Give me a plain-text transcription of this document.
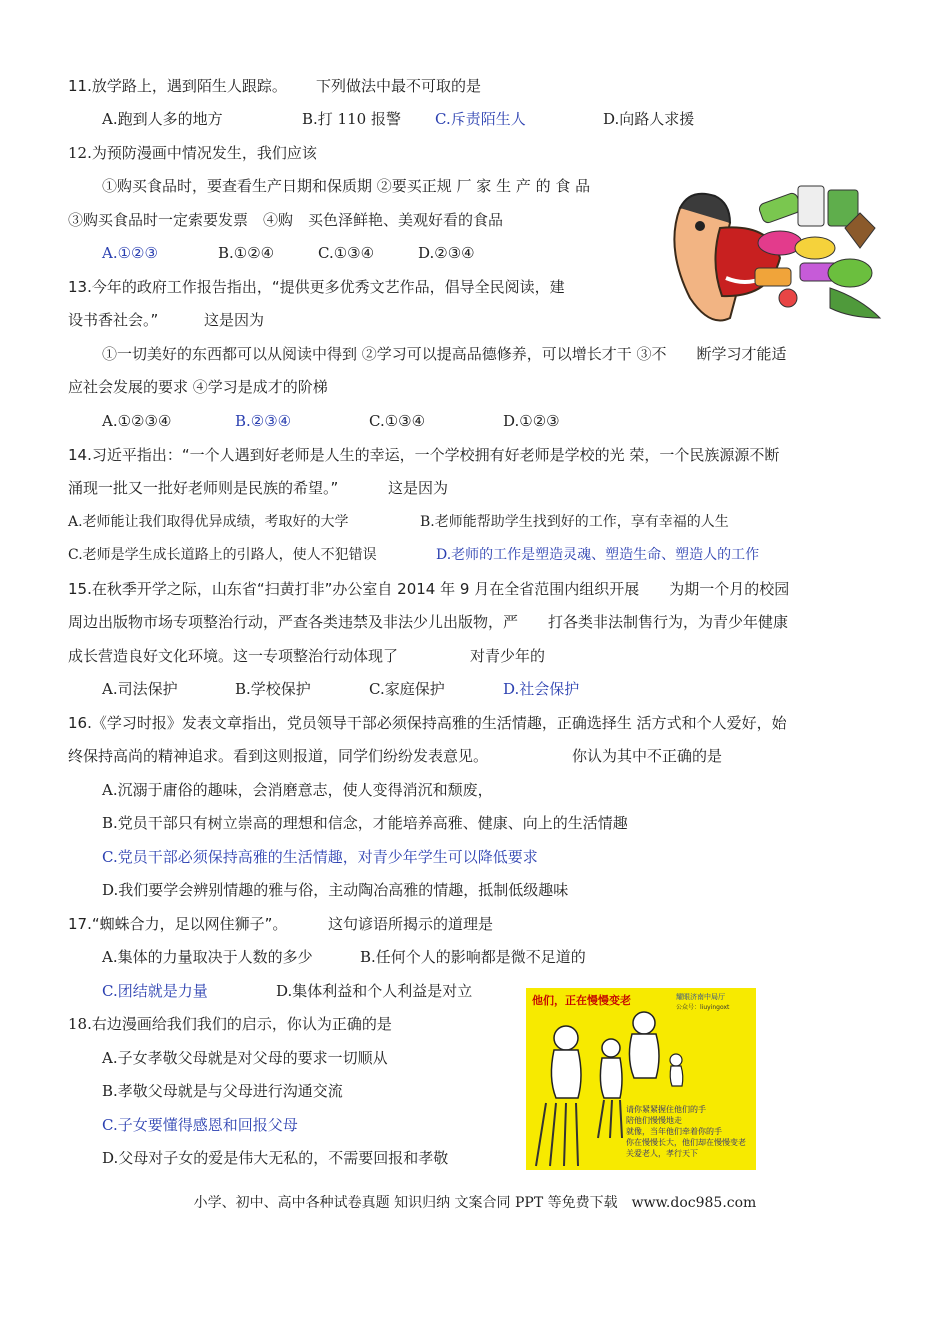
11.放学路上，遇到陌生人跟踪。 下列做法中最不可取的是
A.跑到人多的地方	B.打 110 报警 C.斥责陌生人	D.向路人求援
12.为预防漫画中情况发生，我们应该
①购买食品时，要查看生产日期和保质期 ②要买正规 厂 家 生 产 的 食 品
③购买食品时一定索要发票　④购　买色泽鲜艳、美观好看的食品
A.①②③	B.①②④	C.①③④	D.②③④
13.今年的政府工作报告指出，“提供更多优秀文艺作品，倡导全民阅读，建
设书香社会。”	这是因为
①一切美好的东西都可以从阅读中得到 ②学习可以提高品德修养，可以增长才干 ③不　　断学习才能适
应社会发展的要求 ④学习是成才的阶梯
A.①②③④	B.②③④	C.①③④	D.①②③
14.习近平指出：“一个人遇到好老师是人生的幸运，一个学校拥有好老师是学校的光 荣，一个民族源源不断
涌现一批又一批好老师则是民族的希望。”	这是因为
A.老师能让我们取得优异成绩，考取好的大学	B.老师能帮助学生找到好的工作，享有幸福的人生
C.老师是学生成长道路上的引路人，使人不犯错误	D.老师的工作是塑造灵魂、塑造生命、塑造人的工作
15.在秋季开学之际，山东省“扫黄打非”办公室自 2014 年 9 月在全省范围内组织开展　　为期一个月的校园
周边出版物市场专项整治行动，严查各类违禁及非法少儿出版物，严　　打各类非法制售行为，为青少年健康
成长营造良好文化环境。这一专项整治行动体现了	对青少年的
A.司法保护	B.学校保护	C.家庭保护	D.社会保护
16.《学习时报》发表文章指出，党员领导干部必须保持高雅的生活情趣，正确选择生 活方式和个人爱好，始
终保持高尚的精神追求。看到这则报道，同学们纷纷发表意见。	你认为其中不正确的是
A.沉溺于庸俗的趣味，会消磨意志，使人变得消沉和颓废，
B.党员干部只有树立崇高的理想和信念，才能培养高雅、健康、向上的生活情趣
C.党员干部必须保持高雅的生活情趣，对青少年学生可以降低要求
D.我们要学会辨别情趣的雅与俗，主动陶冶高雅的情趣，抵制低级趣味
17.“蜘蛛合力，足以网住狮子”。	这句谚语所揭示的道理是
A.集体的力量取决于人数的多少	B.任何个人的影响都是微不足道的
C.团结就是力量	D.集体利益和个人利益是对立
18.右边漫画给我们我们的启示，你认为正确的是
A.子女孝敬父母就是对父母的要求一切顺从
B.孝敬父母就是与父母进行沟通交流
C.子女要懂得感恩和回报父母
D.父母对子女的爱是伟大无私的，不需要回报和孝敬
他们，正在慢慢变老	耀眼济南中局厅
公众号：liuyingoxt
请你紧紧握住他们的手
陪他们慢慢地走
就像，当年他们牵着你的手
你在慢慢长大，他们却在慢慢变老
关爱老人，孝行天下
小学、初中、高中各种试卷真题 知识归纳 文案合同 PPT 等免费下载　www.doc985.com
